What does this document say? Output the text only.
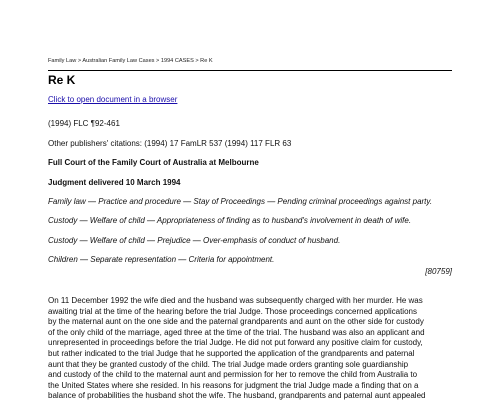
Family Law > Australian Family Law Cases > 1994 CASES > Re K
Re K
Click to open document in a browser
(1994) FLC ¶92-461
Other publishers' citations: (1994) 17 FamLR 537 (1994) 117 FLR 63
Full Court of the Family Court of Australia at Melbourne
Judgment delivered 10 March 1994
Family law — Practice and procedure — Stay of Proceedings — Pending criminal proceedings against party.
Custody — Welfare of child — Appropriateness of finding as to husband's involvement in death of wife.
Custody — Welfare of child — Prejudice — Over-emphasis of conduct of husband.
Children — Separate representation — Criteria for appointment.
[80759]
On 11 December 1992 the wife died and the husband was subsequently charged with her murder. He was
awaiting trial at the time of the hearing before the trial Judge. Those proceedings concerned applications
by the maternal aunt on the one side and the paternal grandparents and aunt on the other side for custody
of the only child of the marriage, aged three at the time of the trial. The husband was also an applicant and
unrepresented in proceedings before the trial Judge. He did not put forward any positive claim for custody,
but rather indicated to the trial Judge that he supported the application of the grandparents and paternal
aunt that they be granted custody of the child. The trial Judge made orders granting sole guardianship
and custody of the child to the maternal aunt and permission for her to remove the child from Australia to
the United States where she resided. In his reasons for judgment the trial Judge made a finding that on a
balance of probabilities the husband shot the wife. The husband, grandparents and paternal aunt appealed
